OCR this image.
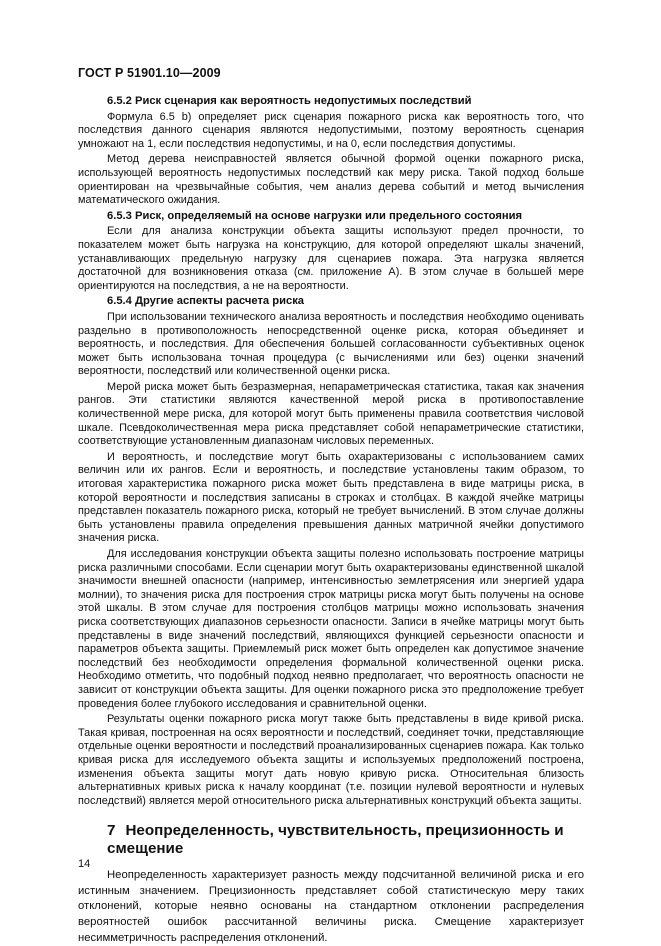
ГОСТ Р 51901.10—2009
6.5.2 Риск сценария как вероятность недопустимых последствий

Формула 6.5 b) определяет риск сценария пожарного риска как вероятность того, что последствия данного сценария являются недопустимыми, поэтому вероятность сценария умножают на 1, если последствия недопустимы, и на 0, если последствия допустимы.

Метод дерева неисправностей является обычной формой оценки пожарного риска, использующей вероятность недопустимых последствий как меру риска. Такой подход больше ориентирован на чрезвычайные события, чем анализ дерева событий и метод вычисления математического ожидания.

6.5.3 Риск, определяемый на основе нагрузки или предельного состояния

Если для анализа конструкции объекта защиты используют предел прочности, то показателем может быть нагрузка на конструкцию, для которой определяют шкалы значений, устанавливающих предельную нагрузку для сценариев пожара. Эта нагрузка является достаточной для возникновения отказа (см. приложение А). В этом случае в большей мере ориентируются на последствия, а не на вероятности.

6.5.4 Другие аспекты расчета риска

При использовании технического анализа вероятность и последствия необходимо оценивать раздельно в противоположность непосредственной оценке риска, которая объединяет и вероятность, и последствия. Для обеспечения большей согласованности субъективных оценок может быть использована точная процедура (с вычислениями или без) оценки значений вероятности, последствий или количественной оценки риска.

Мерой риска может быть безразмерная, непараметрическая статистика, такая как значения рангов. Эти статистики являются качественной мерой риска в противопоставление количественной мере риска, для которой могут быть применены правила соответствия числовой шкале. Псевдоколичественная мера риска представляет собой непараметрические статистики, соответствующие установленным диапазонам числовых переменных.

И вероятность, и последствие могут быть охарактеризованы с использованием самих величин или их рангов. Если и вероятность, и последствие установлены таким образом, то итоговая характеристика пожарного риска может быть представлена в виде матрицы риска, в которой вероятности и последствия записаны в строках и столбцах. В каждой ячейке матрицы представлен показатель пожарного риска, который не требует вычислений. В этом случае должны быть установлены правила определения превышения данных матричной ячейки допустимого значения риска.

Для исследования конструкции объекта защиты полезно использовать построение матрицы риска различными способами. Если сценарии могут быть охарактеризованы единственной шкалой значимости внешней опасности (например, интенсивностью землетрясения или энергией удара молнии), то значения риска для построения строк матрицы риска могут быть получены на основе этой шкалы. В этом случае для построения столбцов матрицы можно использовать значения риска соответствующих диапазонов серьезности опасности. Записи в ячейке матрицы могут быть представлены в виде значений последствий, являющихся функцией серьезности опасности и параметров объекта защиты. Приемлемый риск может быть определен как допустимое значение последствий без необходимости определения формальной количественной оценки риска. Необходимо отметить, что подобный подход неявно предполагает, что вероятность опасности не зависит от конструкции объекта защиты. Для оценки пожарного риска это предположение требует проведения более глубокого исследования и сравнительной оценки.

Результаты оценки пожарного риска могут также быть представлены в виде кривой риска. Такая кривая, построенная на осях вероятности и последствий, соединяет точки, представляющие отдельные оценки вероятности и последствий проанализированных сценариев пожара. Как только кривая риска для исследуемого объекта защиты и используемых предположений построена, изменения объекта защиты могут дать новую кривую риска. Относительная близость альтернативных кривых риска к началу координат (т.е. позиции нулевой вероятности и нулевых последствий) является мерой относительного риска альтернативных конструкций объекта защиты.

7 Неопределенность, чувствительность, прецизионность и смещение

Неопределенность характеризует разность между подсчитанной величиной риска и его истинным значением. Прецизионность представляет собой статистическую меру таких отклонений, которые неявно основаны на стандартном отклонении распределения вероятностей ошибок рассчитанной величины риска. Смещение характеризует несимметричность распределения отклонений.

14
